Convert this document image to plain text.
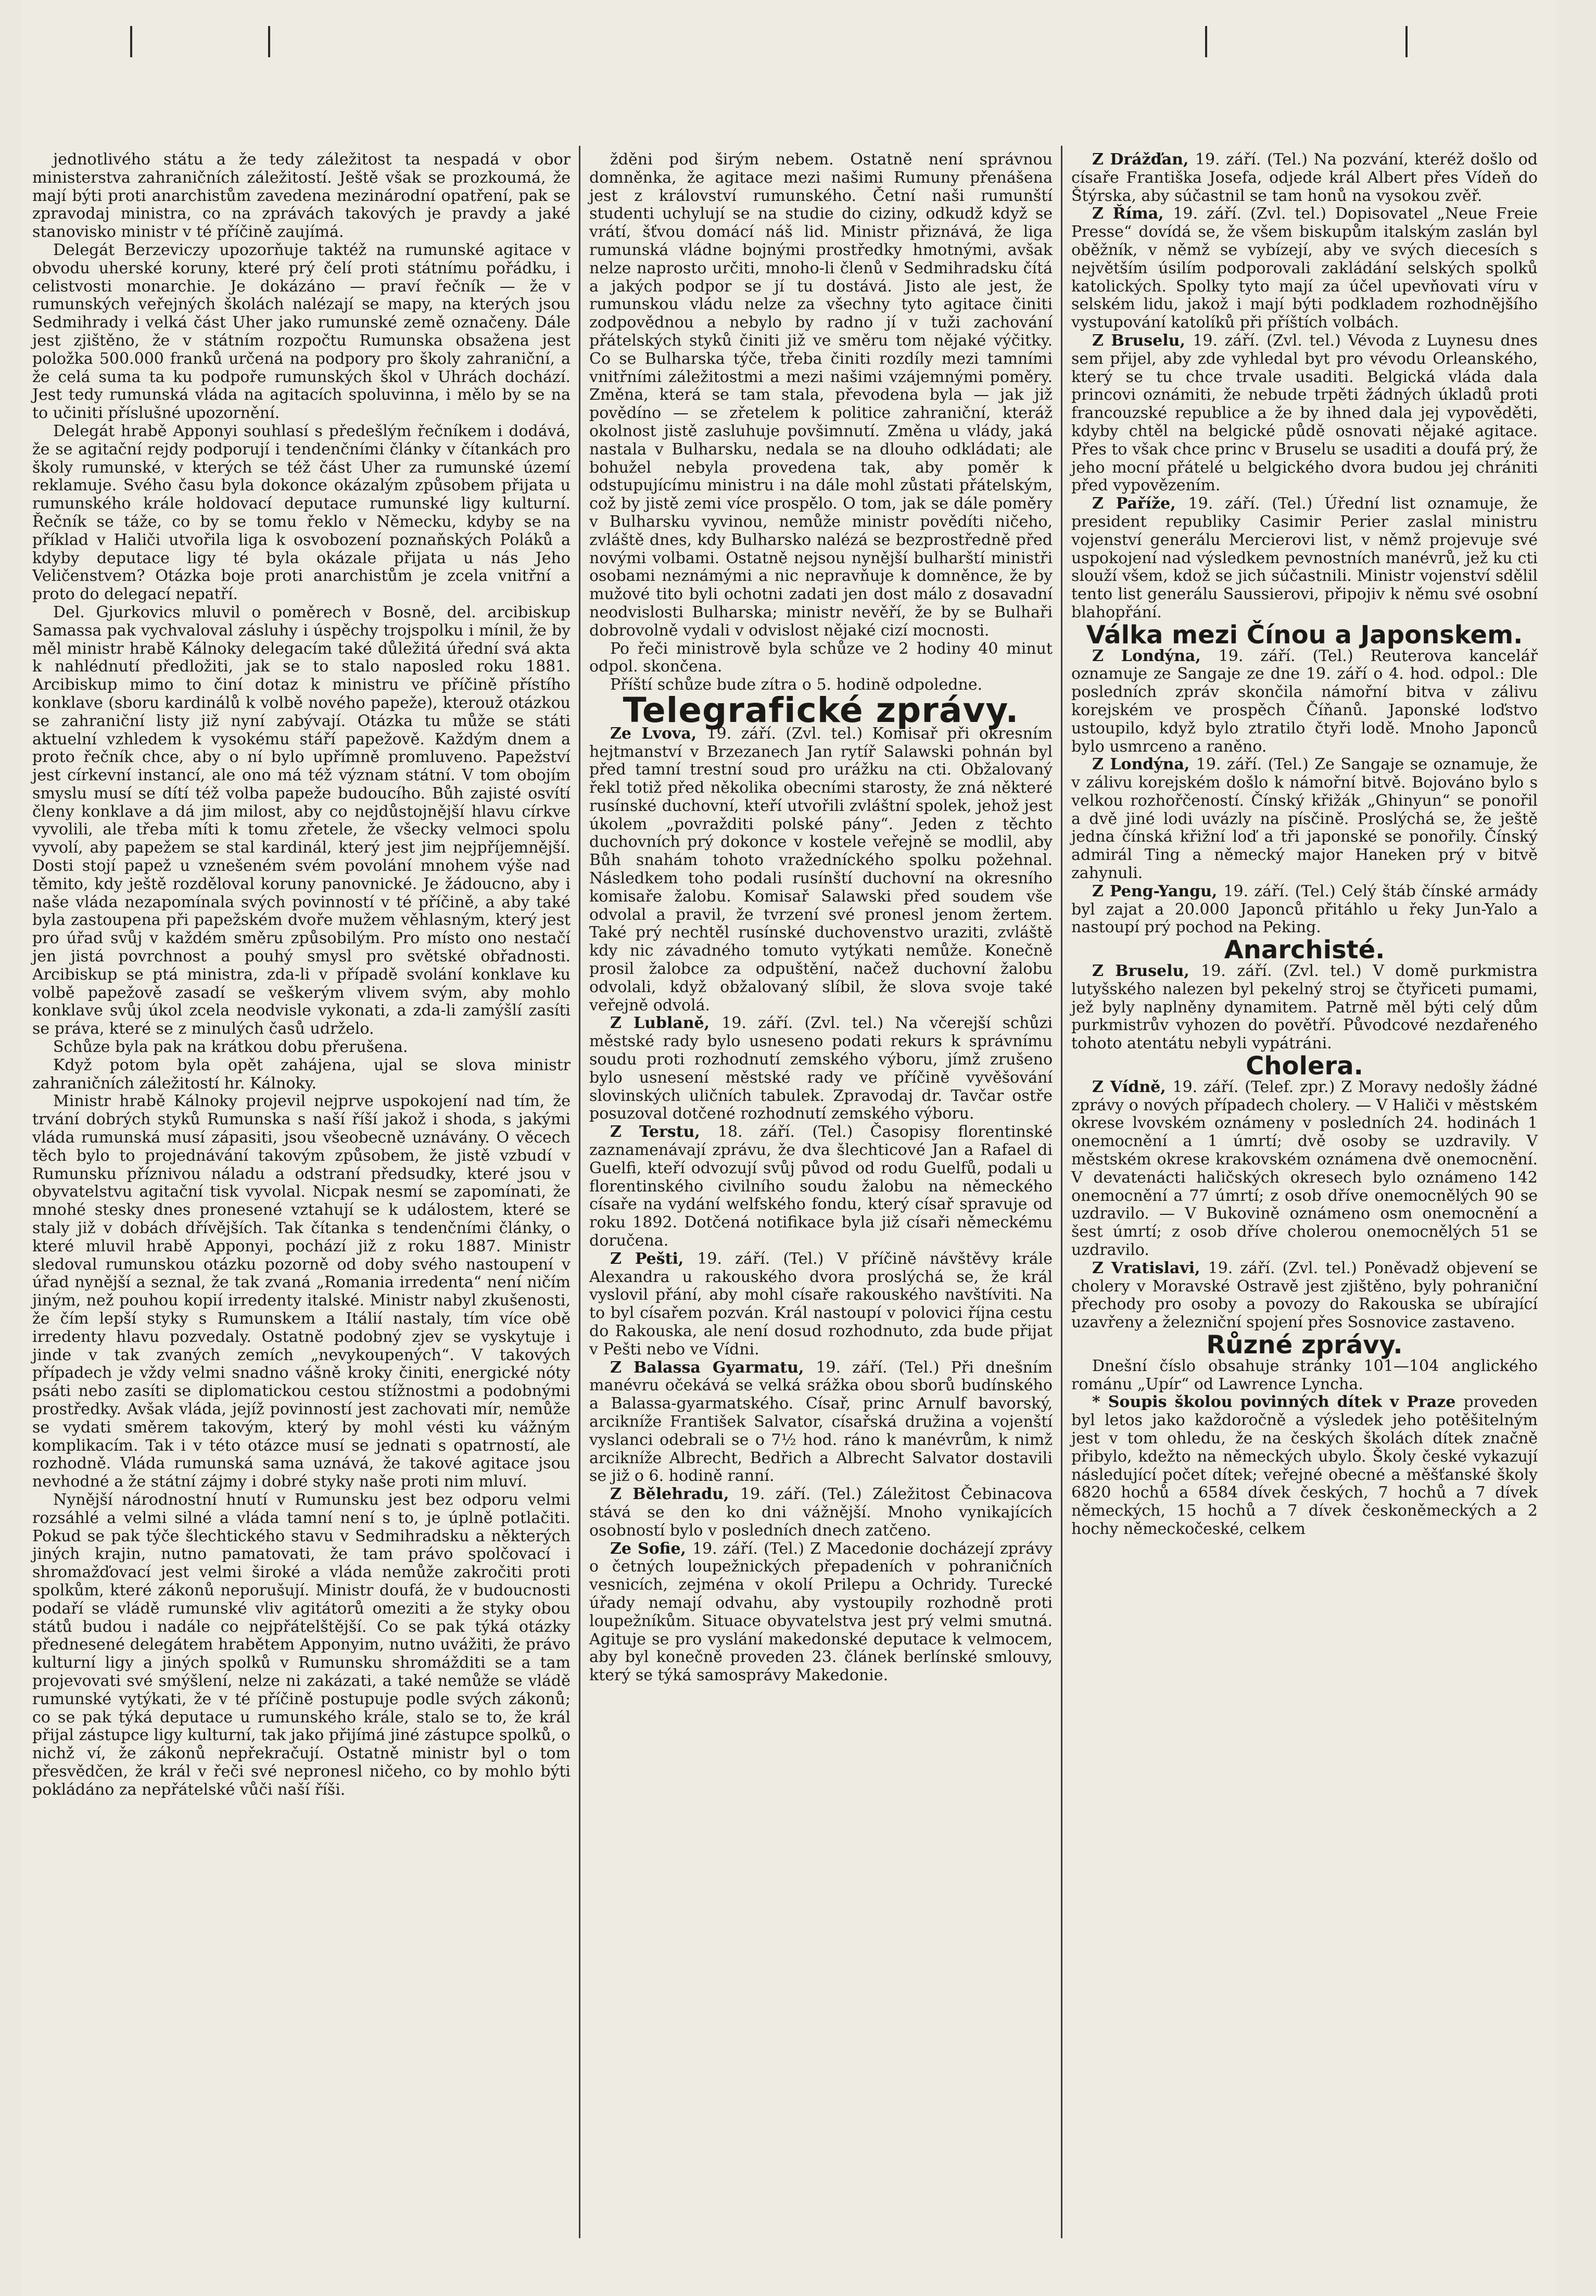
jednotlivého státu a že tedy záležitost ta nespadá v obor ministerstva zahraničních záležitostí. Ještě však se prozkoumá, že mají býti proti anarchistům zavedena mezinárodní opatření, pak se zpravodaj ministra, co na zprávách takových je pravdy a jaké stanovisko ministr v té příčině zaujímá.

Delegát Berzeviczy upozorňuje taktéž na rumunské agitace v obvodu uherské koruny, které prý čelí proti státnímu pořádku, i celistvosti monarchie. Je dokázáno — praví řečník — že v rumunských veřejných školách nalézají se mapy, na kterých jsou Sedmihrady i velká část Uher jako rumunské země označeny. Dále jest zjištěno, že v státním rozpočtu Rumunska obsažena jest položka 500.000 franků určená na podpory pro školy zahraniční, a že celá suma ta ku podpoře rumunských škol v Uhrách dochází. Jest tedy rumunská vláda na agitacích spoluvinna, i mělo by se na to učiniti příslušné upozornění.

Delegát hrabě Apponyi souhlasí s předešlým řečníkem i dodává, že se agitační rejdy podporují i tendenčními články v čítankách pro školy rumunské, v kterých se též část Uher za rumunské území reklamuje. Svého času byla dokonce okázalým způsobem přijata u rumunského krále holdovací deputace rumunské ligy kulturní. Řečník se táže, co by se tomu řeklo v Německu, kdyby se na příklad v Haliči utvořila liga k osvobození poznaňských Poláků a kdyby deputace ligy té byla okázale přijata u nás Jeho Veličenstvem? Otázka boje proti anarchistům je zcela vnitřní a proto do delegací nepatří.

Del. Gjurkovics mluvil o poměrech v Bosně, del. arcibiskup Samassa pak vychvaloval zásluhy i úspěchy trojspolku i mínil, že by měl ministr hrabě Kálnoky delegacím také důležitá úřední svá akta k nahlédnutí předložiti, jak se to stalo naposled roku 1881. Arcibiskup mimo to činí dotaz k ministru ve příčině přístího konklave (sboru kardinálů k volbě nového papeže), kterouž otázkou se zahraniční listy již nyní zabývají. Otázka tu může se státi aktuelní vzhledem k vysokému stáří papežově. Každým dnem a proto řečník chce, aby o ní bylo upřímně promluveno. Papežství jest církevní instancí, ale ono má též význam státní. V tom obojím smyslu musí se dítí též volba papeže budoucího. Bůh zajisté osvítí členy konklave a dá jim milost, aby co nejdůstojnější hlavu církve vyvolili, ale třeba míti k tomu zřetele, že všecky velmoci spolu vyvolí, aby papežem se stal kardinál, který jest jim nejpříjemnější. Dosti stojí papež u vznešeném svém povolání mnohem výše nad těmito, kdy ještě rozděloval koruny panovnické. Je žádoucno, aby i naše vláda nezapomínala svých povinností v té příčině, a aby také byla zastoupena při papežském dvoře mužem věhlasným, který jest pro úřad svůj v každém směru způsobilým. Pro místo ono nestačí jen jistá povrchnost a pouhý smysl pro světské obřadnosti. Arcibiskup se ptá ministra, zda-li v případě svolání konklave ku volbě papežově zasadí se veškerým vlivem svým, aby mohlo konklave svůj úkol zcela neodvisle vykonati, a zda-li zamýšlí zasíti se práva, které se z minulých časů udrželo.

Schůze byla pak na krátkou dobu přerušena.

Když potom byla opět zahájena, ujal se slova ministr zahraničních záležitostí hr. Kálnoky.

Ministr hrabě Kálnoky projevil nejprve uspokojení nad tím, že trvání dobrých styků Rumunska s naší říší jakož i shoda, s jakými vláda rumunská musí zápasiti, jsou všeobecně uznávány. O věcech těch bylo to projednávání takovým způsobem, že jistě vzbudí v Rumunsku příznivou náladu a odstraní předsudky, které jsou v obyvatelstvu agitační tisk vyvolal. Nicpak nesmí se zapomínati, že mnohé stesky dnes pronesené vztahují se k událostem, které se staly již v dobách dřívějších. Tak čítanka s tendenčními články, o které mluvil hrabě Apponyi, pochází již z roku 1887. Ministr sledoval rumunskou otázku pozorně od doby svého nastoupení v úřad nynější a seznal, že tak zvaná „Romania irredenta“ není ničím jiným, než pouhou kopií irredenty italské. Ministr nabyl zkušenosti, že čím lepší styky s Rumunskem a Itálií nastaly, tím více obě irredenty hlavu pozvedaly. Ostatně podobný zjev se vyskytuje i jinde v tak zvaných zemích „nevykoupených“. V takových případech je vždy velmi snadno vášně kroky činiti, energické nóty psáti nebo zasíti se diplomatickou cestou stížnostmi a podobnými prostředky. Avšak vláda, jejíž povinností jest zachovati mír, nemůže se vydati směrem takovým, který by mohl vésti ku vážným komplikacím. Tak i v této otázce musí se jednati s opatrností, ale rozhodně. Vláda rumunská sama uznává, že takové agitace jsou nevhodné a že státní zájmy i dobré styky naše proti nim mluví.

Nynější národnostní hnutí v Rumunsku jest bez odporu velmi rozsáhlé a velmi silné a vláda tamní není s to, je úplně potlačiti. Pokud se pak týče šlechtického stavu v Sedmihradsku a některých jiných krajin, nutno pamatovati, že tam právo spolčovací i shromažďovací jest velmi široké a vláda nemůže zakročiti proti spolkům, které zákonů neporušují. Ministr doufá, že v budoucnosti podaří se vládě rumunské vliv agitátorů omeziti a že styky obou států budou i nadále co nejpřátelštější. Co se pak týká otázky přednesené delegátem hrabětem Apponyim, nutno uvážiti, že právo kulturní ligy a jiných spolků v Rumunsku shromážditi se a tam projevovati své smýšlení, nelze ni zakázati, a také nemůže se vládě rumunské vytýkati, že v té příčině postupuje podle svých zákonů; co se pak týká deputace u rumunského krále, stalo se to, že král přijal zástupce ligy kulturní, tak jako přijímá jiné zástupce spolků, o nichž ví, že zákonů nepřekračují. Ostatně ministr byl o tom přesvědčen, že král v řeči své nepronesl ničeho, co by mohlo býti pokládáno za nepřátelské vůči naší říši.

žděni pod širým nebem. Ostatně není správnou domněnka, že agitace mezi našimi Rumuny přenášena jest z království rumunského. Četní naši rumunští studenti uchylují se na studie do ciziny, odkudž když se vrátí, šťvou domácí náš lid. Ministr přiznává, že liga rumunská vládne bojnými prostředky hmotnými, avšak nelze naprosto určiti, mnoho-li členů v Sedmihradsku čítá a jakých podpor se jí tu dostává. Jisto ale jest, že rumunskou vládu nelze za všechny tyto agitace činiti zodpovědnou a nebylo by radno jí v tuži zachování přátelských styků činiti již ve směru tom nějaké výčitky. Co se Bulharska týče, třeba činiti rozdíly mezi tamními vnitřními záležitostmi a mezi našimi vzájemnými poměry. Změna, která se tam stala, převodena byla — jak již povědíno — se zřetelem k politice zahraniční, kteráž okolnost jistě zasluhuje povšimnutí. Změna u vlády, jaká nastala v Bulharsku, nedala se na dlouho odkládati; ale bohužel nebyla provedena tak, aby poměr k odstupujícímu ministru i na dále mohl zůstati přátelským, což by jistě zemi více prospělo. O tom, jak se dále poměry v Bulharsku vyvinou, nemůže ministr povědíti ničeho, zvláště dnes, kdy Bulharsko nalézá se bezprostředně před novými volbami. Ostatně nejsou nynější bulharští ministři osobami neznámými a nic nepravňuje k domněnce, že by mužové tito byli ochotni zadati jen dost málo z dosavadní neodvislosti Bulharska; ministr nevěří, že by se Bulhaři dobrovolně vydali v odvislost nějaké cizí mocnosti.

Po řeči ministrově byla schůze ve 2 hodiny 40 minut odpol. skončena.

Příští schůze bude zítra o 5. hodině odpoledne.

Telegrafické zprávy.

Ze Lvova, 19. září. (Zvl. tel.) Komisař při okresním hejtmanství v Brzezanech Jan rytíř Salawski pohnán byl před tamní trestní soud pro urážku na cti. Obžalovaný řekl totiž před několika obecními starosty, že zná některé rusínské duchovní, kteří utvořili zvláštní spolek, jehož jest úkolem „povražditi polské pány“. Jeden z těchto duchovních prý dokonce v kostele veřejně se modlil, aby Bůh snahám tohoto vražedníckého spolku požehnal. Následkem toho podali rusínští duchovní na okresního komisaře žalobu. Komisař Salawski před soudem vše odvolal a pravil, že tvrzení své pronesl jenom žertem. Také prý nechtěl rusínské duchovenstvo uraziti, zvláště kdy nic závadného tomuto vytýkati nemůže. Konečně prosil žalobce za odpuštění, načež duchovní žalobu odvolali, když obžalovaný slíbil, že slova svoje také veřejně odvolá.

Z Lublaně, 19. září. (Zvl. tel.) Na včerejší schůzi městské rady bylo usneseno podati rekurs k správnímu soudu proti rozhodnutí zemského výboru, jímž zrušeno bylo usnesení městské rady ve příčině vyvěšování slovinských uličních tabulek. Zpravodaj dr. Tavčar ostře posuzoval dotčené rozhodnutí zemského výboru.

Z Terstu, 18. září. (Tel.) Časopisy florentinské zaznamenávají zprávu, že dva šlechticové Jan a Rafael di Guelfi, kteří odvozují svůj původ od rodu Guelfů, podali u florentinského civilního soudu žalobu na německého císaře na vydání welfského fondu, který císař spravuje od roku 1892. Dotčená notifikace byla již císaři německému doručena.

Z Pešti, 19. září. (Tel.) V příčině návštěvy krále Alexandra u rakouského dvora proslýchá se, že král vyslovil přání, aby mohl císaře rakouského navštíviti. Na to byl císařem pozván. Král nastoupí v polovici října cestu do Rakouska, ale není dosud rozhodnuto, zda bude přijat v Pešti nebo ve Vídni.

Z Balassa Gyarmatu, 19. září. (Tel.) Při dnešním manévru očekává se velká srážka obou sborů budínského a Balassa-gyarmatského. Císař, princ Arnulf bavorský, arcikníže František Salvator, císařská družina a vojenští vyslanci odebrali se o 7½ hod. ráno k manévrům, k nimž arcikníže Albrecht, Bedřich a Albrecht Salvator dostavili se již o 6. hodině ranní.

Z Bělehradu, 19. září. (Tel.) Záležitost Čebinacova stává se den ko dni vážnější. Mnoho vynikajících osobností bylo v posledních dnech zatčeno.

Ze Sofie, 19. září. (Tel.) Z Macedonie docházejí zprávy o četných loupežnických přepadeních v pohraničních vesnicích, zejména v okolí Prilepu a Ochridy. Turecké úřady nemají odvahu, aby vystoupily rozhodně proti loupežníkům. Situace obyvatelstva jest prý velmi smutná. Agituje se pro vyslání makedonské deputace k velmocem, aby byl konečně proveden 23. článek berlínské smlouvy, který se týká samosprávy Makedonie.

Z Drážďan, 19. září. (Tel.) Na pozvání, kteréž došlo od císaře Františka Josefa, odjede král Albert přes Vídeň do Štýrska, aby súčastnil se tam honů na vysokou zvěř.

Z Říma, 19. září. (Zvl. tel.) Dopisovatel „Neue Freie Presse“ dovídá se, že všem biskupům italským zaslán byl oběžník, v němž se vybízejí, aby ve svých diecesích s největším úsilím podporovali zakládání selských spolků katolických. Spolky tyto mají za účel upevňovati víru v selském lidu, jakož i mají býti podkladem rozhodnějšího vystupování katolíků při příštích volbách.

Z Bruselu, 19. září. (Zvl. tel.) Vévoda z Luynesu dnes sem přijel, aby zde vyhledal byt pro vévodu Orleanského, který se tu chce trvale usaditi. Belgická vláda dala princovi oznámiti, že nebude trpěti žádných úkladů proti francouzské republice a že by ihned dala jej vypověděti, kdyby chtěl na belgické půdě osnovati nějaké agitace. Přes to však chce princ v Bruselu se usaditi a doufá prý, že jeho mocní přátelé u belgického dvora budou jej chrániti před vypovězením.

Z Paříže, 19. září. (Tel.) Úřední list oznamuje, že president republiky Casimir Perier zaslal ministru vojenství generálu Mercierovi list, v němž projevuje své uspokojení nad výsledkem pevnostních manévrů, jež ku cti slouží všem, kdož se jich súčastnili. Ministr vojenství sdělil tento list generálu Saussierovi, připojiv k němu své osobní blahopřání.

Válka mezi Čínou a Japonskem.

Z Londýna, 19. září. (Tel.) Reuterova kancelář oznamuje ze Sangaje ze dne 19. září o 4. hod. odpol.: Dle posledních zpráv skončila námořní bitva v zálivu korejském ve prospěch Číňanů. Japonské loďstvo ustoupilo, když bylo ztratilo čtyři lodě. Mnoho Japonců bylo usmrceno a raněno.

Z Londýna, 19. září. (Tel.) Ze Sangaje se oznamuje, že v zálivu korejském došlo k námořní bitvě. Bojováno bylo s velkou rozhořčeností. Čínský křižák „Ghinyun“ se ponořil a dvě jiné lodi uvázly na písčině. Proslýchá se, že ještě jedna čínská křižní loď a tři japonské se ponořily. Čínský admirál Ting a německý major Haneken prý v bitvě zahynuli.

Z Peng-Yangu, 19. září. (Tel.) Celý štáb čínské armády byl zajat a 20.000 Japonců přitáhlo u řeky Jun-Yalo a nastoupí prý pochod na Peking.

Anarchisté.

Z Bruselu, 19. září. (Zvl. tel.) V domě purkmistra lutyšského nalezen byl pekelný stroj se čtyřiceti pumami, jež byly naplněny dynamitem. Patrně měl býti celý dům purkmistrův vyhozen do povětří. Původcové nezdařeného tohoto atentátu nebyli vypátráni.

Cholera.

Z Vídně, 19. září. (Telef. zpr.) Z Moravy nedošly žádné zprávy o nových případech cholery. — V Haliči v městském okrese lvovském oznámeny v posledních 24. hodinách 1 onemocnění a 1 úmrtí; dvě osoby se uzdravily. V městském okrese krakovském oznámena dvě onemocnění. V devatenácti haličských okresech bylo oznámeno 142 onemocnění a 77 úmrtí; z osob dříve onemocnělých 90 se uzdravilo. — V Bukovině oznámeno osm onemocnění a šest úmrtí; z osob dříve cholerou onemocnělých 51 se uzdravilo.

Z Vratislavi, 19. září. (Zvl. tel.) Poněvadž objevení se cholery v Moravské Ostravě jest zjištěno, byly pohraniční přechody pro osoby a povozy do Rakouska se ubírající uzavřeny a železniční spojení přes Sosnovice zastaveno.

Různé zprávy.

Dnešní číslo obsahuje stránky 101—104 anglického románu „Upír“ od Lawrence Lyncha.

* Soupis školou povinných dítek v Praze proveden byl letos jako každoročně a výsledek jeho potěšitelným jest v tom ohledu, že na českých školách dítek značně přibylo, kdežto na německých ubylo. Školy české vykazují následující počet dítek; veřejné obecné a měšťanské školy 6820 hochů a 6584 dívek českých, 7 hochů a 7 dívek německých, 15 hochů a 7 dívek českoněmeckých a 2 hochy německočeské, celkem
